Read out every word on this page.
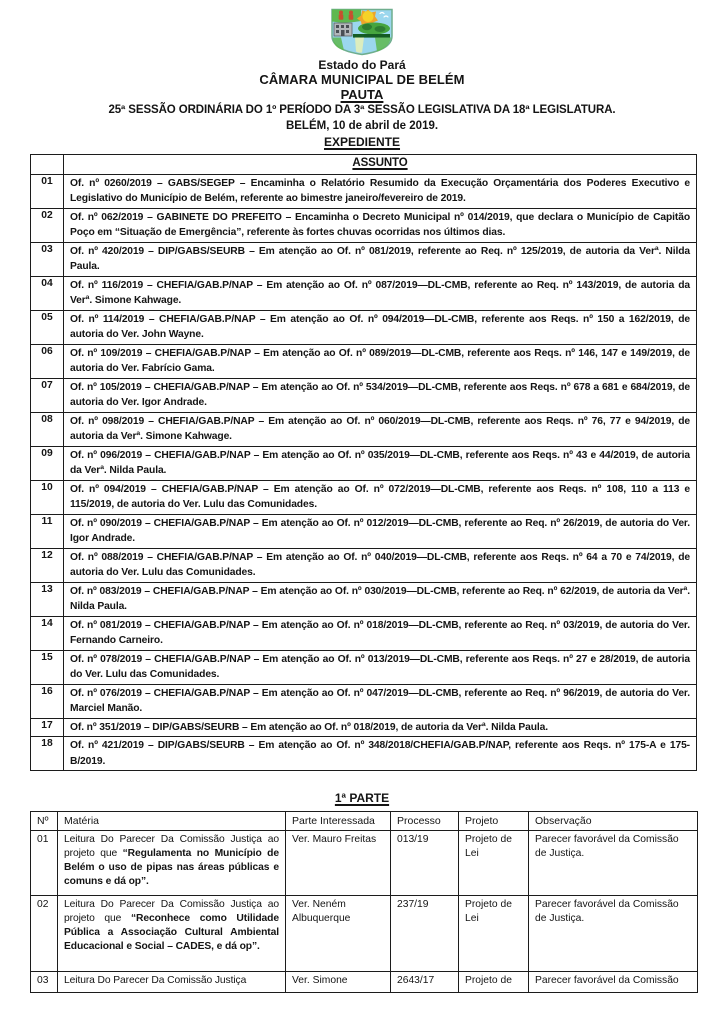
Estado do Pará
CÂMARA MUNICIPAL DE BELÉM
PAUTA
25ª SESSÃO ORDINÁRIA DO 1º PERÍODO DA 3ª SESSÃO LEGISLATIVA DA 18ª LEGISLATURA.
BELÉM, 10 de abril de 2019.
EXPEDIENTE
	ASSUNTO
01	Of. nº 0260/2019 – GABS/SEGEP – Encaminha o Relatório Resumido da Execução Orçamentária dos Poderes Executivo e Legislativo do Município de Belém, referente ao bimestre janeiro/fevereiro de 2019.
02	Of. nº 062/2019 – GABINETE DO PREFEITO – Encaminha o Decreto Municipal nº 014/2019, que declara o Município de Capitão Poço em “Situação de Emergência”, referente às fortes chuvas ocorridas nos últimos dias.
03	Of. nº 420/2019 – DIP/GABS/SEURB – Em atenção ao Of. nº 081/2019, referente ao Req. nº 125/2019, de autoria da Verª. Nilda Paula.
04	Of. nº 116/2019 – CHEFIA/GAB.P/NAP – Em atenção ao Of. nº 087/2019—DL-CMB, referente ao Req. nº 143/2019, de autoria da Verª. Simone Kahwage.
05	Of. nº 114/2019 – CHEFIA/GAB.P/NAP – Em atenção ao Of. nº 094/2019—DL-CMB, referente aos Reqs. nº 150 a 162/2019, de autoria do Ver. John Wayne.
06	Of. nº 109/2019 – CHEFIA/GAB.P/NAP – Em atenção ao Of. nº 089/2019—DL-CMB, referente aos Reqs. nº 146, 147 e 149/2019, de autoria do Ver. Fabrício Gama.
07	Of. nº 105/2019 – CHEFIA/GAB.P/NAP – Em atenção ao Of. nº 534/2019—DL-CMB, referente aos Reqs. nº 678 a 681 e 684/2019, de autoria do Ver. Igor Andrade.
08	Of. nº 098/2019 – CHEFIA/GAB.P/NAP – Em atenção ao Of. nº 060/2019—DL-CMB, referente aos Reqs. nº 76, 77 e 94/2019, de autoria da Verª. Simone Kahwage.
09	Of. nº 096/2019 – CHEFIA/GAB.P/NAP – Em atenção ao Of. nº 035/2019—DL-CMB, referente aos Reqs. nº 43 e 44/2019, de autoria da Verª. Nilda Paula.
10	Of. nº 094/2019 – CHEFIA/GAB.P/NAP – Em atenção ao Of. nº 072/2019—DL-CMB, referente aos Reqs. nº 108, 110 a 113 e 115/2019, de autoria do Ver. Lulu das Comunidades.
11	Of. nº 090/2019 – CHEFIA/GAB.P/NAP – Em atenção ao Of. nº 012/2019—DL-CMB, referente ao Req. nº 26/2019, de autoria do Ver. Igor Andrade.
12	Of. nº 088/2019 – CHEFIA/GAB.P/NAP – Em atenção ao Of. nº 040/2019—DL-CMB, referente aos Reqs. nº 64 a 70 e 74/2019, de autoria do Ver. Lulu das Comunidades.
13	Of. nº 083/2019 – CHEFIA/GAB.P/NAP – Em atenção ao Of. nº 030/2019—DL-CMB, referente ao Req. nº 62/2019, de autoria da Verª. Nilda Paula.
14	Of. nº 081/2019 – CHEFIA/GAB.P/NAP – Em atenção ao Of. nº 018/2019—DL-CMB, referente ao Req. nº 03/2019, de autoria do Ver. Fernando Carneiro.
15	Of. nº 078/2019 – CHEFIA/GAB.P/NAP – Em atenção ao Of. nº 013/2019—DL-CMB, referente aos Reqs. nº 27 e 28/2019, de autoria do Ver. Lulu das Comunidades.
16	Of. nº 076/2019 – CHEFIA/GAB.P/NAP – Em atenção ao Of. nº 047/2019—DL-CMB, referente ao Req. nº 96/2019, de autoria do Ver. Marciel Manão.
17	Of. nº 351/2019 – DIP/GABS/SEURB – Em atenção ao Of. nº 018/2019, de autoria da Verª. Nilda Paula.
18	Of. nº 421/2019 – DIP/GABS/SEURB – Em atenção ao Of. nº 348/2018/CHEFIA/GAB.P/NAP, referente aos Reqs. nº 175-A e 175-B/2019.
1ª PARTE
Nº	Matéria	Parte Interessada	Processo	Projeto	Observação
01	Leitura Do Parecer Da Comissão Justiça ao projeto que “Regulamenta no Município de Belém o uso de pipas nas áreas públicas e comuns e dá op”.	Ver. Mauro Freitas	013/19	Projeto de Lei	Parecer favorável da Comissão de Justiça.
02	Leitura Do Parecer Da Comissão Justiça ao projeto que “Reconhece como Utilidade Pública a Associação Cultural Ambiental Educacional e Social – CADES, e dá op”.	Ver. Neném Albuquerque	237/19	Projeto de Lei	Parecer favorável da Comissão de Justiça.
03	Leitura Do Parecer Da Comissão Justiça	Ver. Simone	2643/17	Projeto de	Parecer favorável da Comissão
